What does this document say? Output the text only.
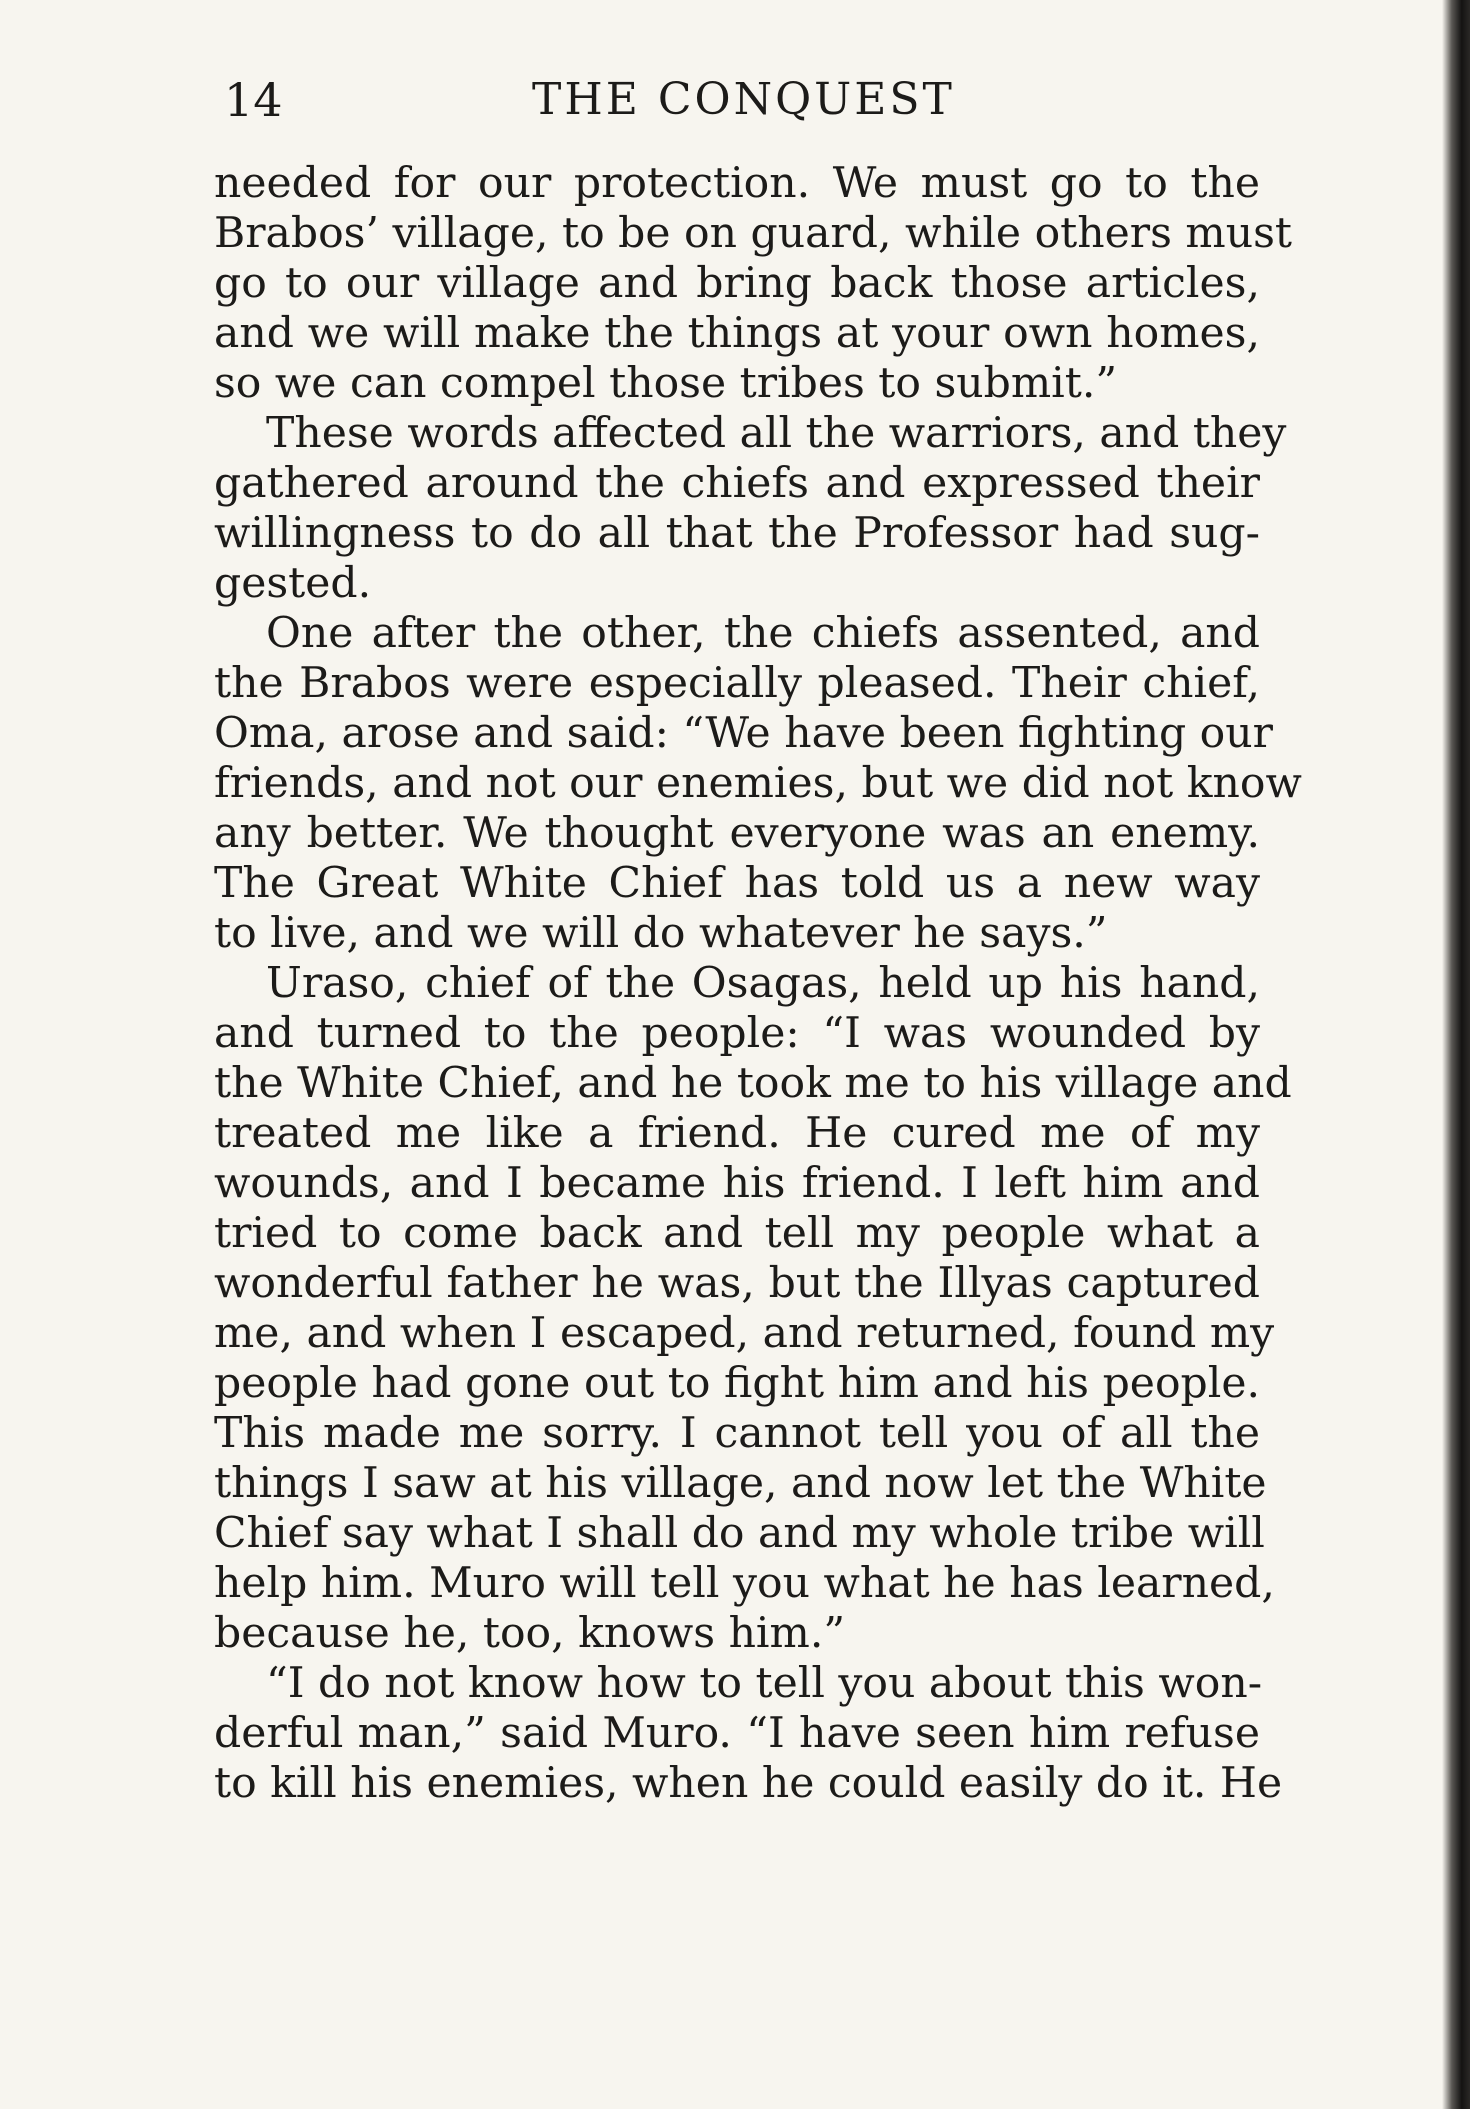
14	THE CONQUEST
needed for our protection. We must go to the
Brabos’ village, to be on guard, while others must
go to our village and bring back those articles,
and we will make the things at your own homes,
so we can compel those tribes to submit.”
These words affected all the warriors, and they
gathered around the chiefs and expressed their
willingness to do all that the Professor had sug-
gested.
One after the other, the chiefs assented, and
the Brabos were especially pleased. Their chief,
Oma, arose and said: “We have been fighting our
friends, and not our enemies, but we did not know
any better. We thought everyone was an enemy.
The Great White Chief has told us a new way
to live, and we will do whatever he says.”
Uraso, chief of the Osagas, held up his hand,
and turned to the people: “I was wounded by
the White Chief, and he took me to his village and
treated me like a friend. He cured me of my
wounds, and I became his friend. I left him and
tried to come back and tell my people what a
wonderful father he was, but the Illyas captured
me, and when I escaped, and returned, found my
people had gone out to fight him and his people.
This made me sorry. I cannot tell you of all the
things I saw at his village, and now let the White
Chief say what I shall do and my whole tribe will
help him. Muro will tell you what he has learned,
because he, too, knows him.”
“I do not know how to tell you about this won-
derful man,” said Muro. “I have seen him refuse
to kill his enemies, when he could easily do it. He
